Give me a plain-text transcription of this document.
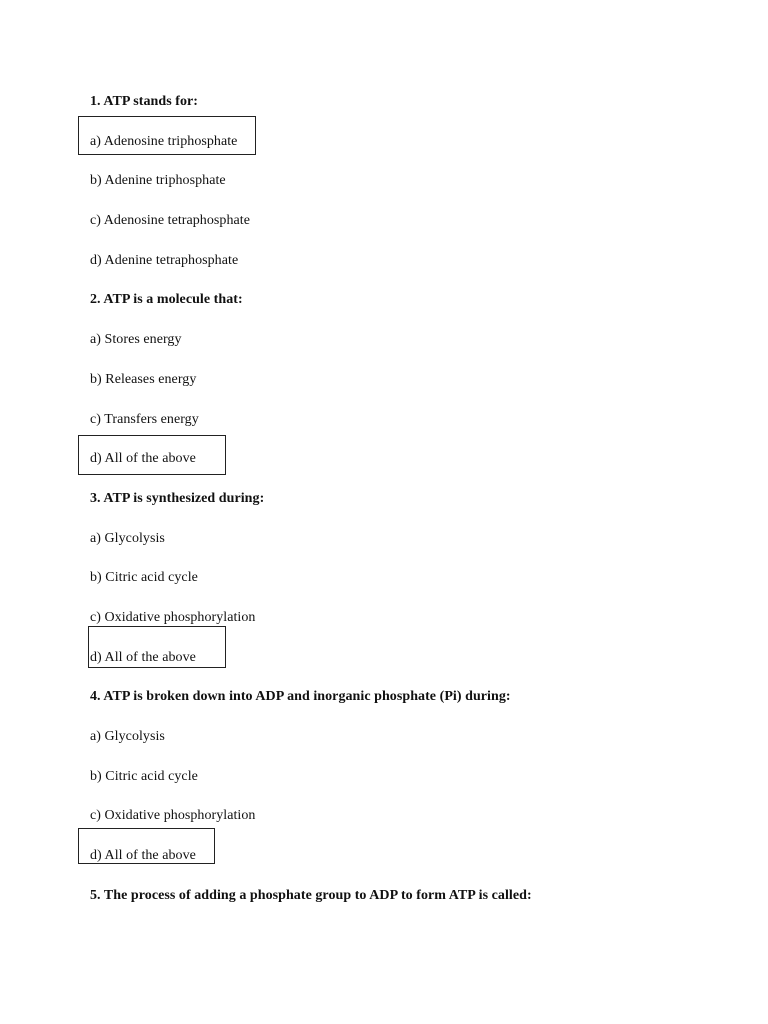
1. ATP stands for:
a) Adenosine triphosphate
b) Adenine triphosphate
c) Adenosine tetraphosphate
d) Adenine tetraphosphate
2. ATP is a molecule that:
a) Stores energy
b) Releases energy
c) Transfers energy
d) All of the above
3. ATP is synthesized during:
a) Glycolysis
b) Citric acid cycle
c) Oxidative phosphorylation
d) All of the above
4. ATP is broken down into ADP and inorganic phosphate (Pi) during:
a) Glycolysis
b) Citric acid cycle
c) Oxidative phosphorylation
d) All of the above
5. The process of adding a phosphate group to ADP to form ATP is called:
